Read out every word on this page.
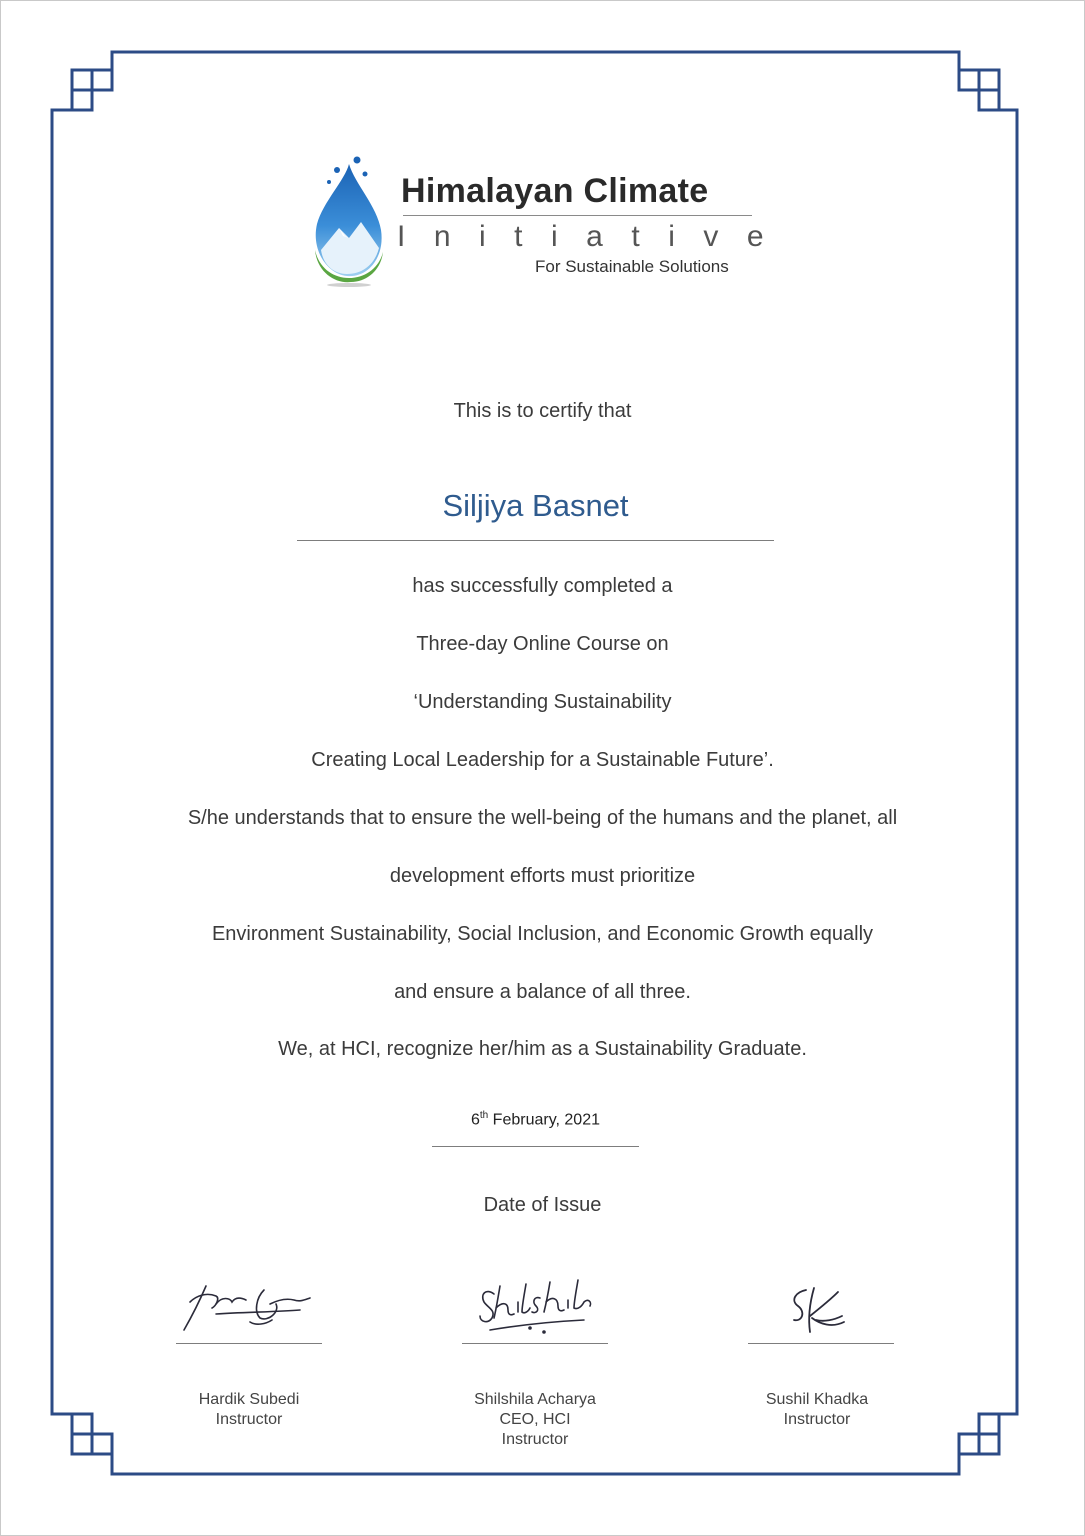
Himalayan Climate
Initiative
For Sustainable Solutions
This is to certify that
Siljiya Basnet
has successfully completed a
Three-day Online Course on
‘Understanding Sustainability
Creating Local Leadership for a Sustainable Future’.
S/he understands that to ensure the well-being of the humans and the planet, all
development efforts must prioritize
Environment Sustainability, Social Inclusion, and Economic Growth equally
and ensure a balance of all three.
We, at HCI, recognize her/him as a Sustainability Graduate.
6th February, 2021
Date of Issue
Hardik Subedi
Instructor
Shilshila Acharya
CEO, HCI
Instructor
Sushil Khadka
Instructor
